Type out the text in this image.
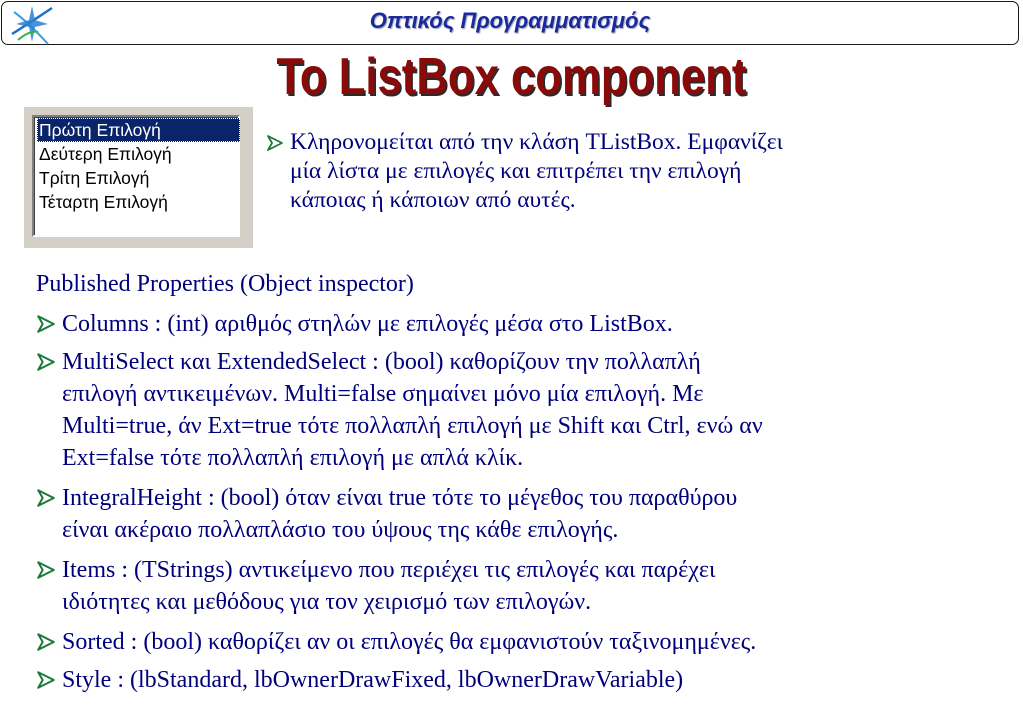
Οπτικός Προγραμματισμός
To ListBox component
Πρώτη Επιλογή
Δεύτερη Επιλογή
Τρίτη Επιλογή
Τέταρτη Επιλογή
Κληρονομείται από την κλάση TListBox. Εμφανίζει
μία λίστα με επιλογές και επιτρέπει την επιλογή
κάποιας ή κάποιων από αυτές.
Published Properties (Object inspector)
Columns : (int) αριθμός στηλών με επιλογές μέσα στο ListBox.
MultiSelect και ExtendedSelect : (bool) καθορίζουν την πολλαπλή
επιλογή αντικειμένων. Multi=false σημαίνει μόνο μία επιλογή. Με
Multi=true, άν Ext=true τότε πολλαπλή επιλογή με Shift και Ctrl, ενώ αν
Ext=false τότε πολλαπλή επιλογή με απλά κλίκ.
IntegralHeight : (bool) όταν είναι true τότε το μέγεθος του παραθύρου
είναι ακέραιο πολλαπλάσιο του ύψους της κάθε επιλογής.
Items : (TStrings) αντικείμενο που περιέχει τις επιλογές και παρέχει
ιδιότητες και μεθόδους για τον χειρισμό των επιλογών.
Sorted : (bool) καθορίζει αν οι επιλογές θα εμφανιστούν ταξινομημένες.
Style : (lbStandard, lbOwnerDrawFixed, lbOwnerDrawVariable)
